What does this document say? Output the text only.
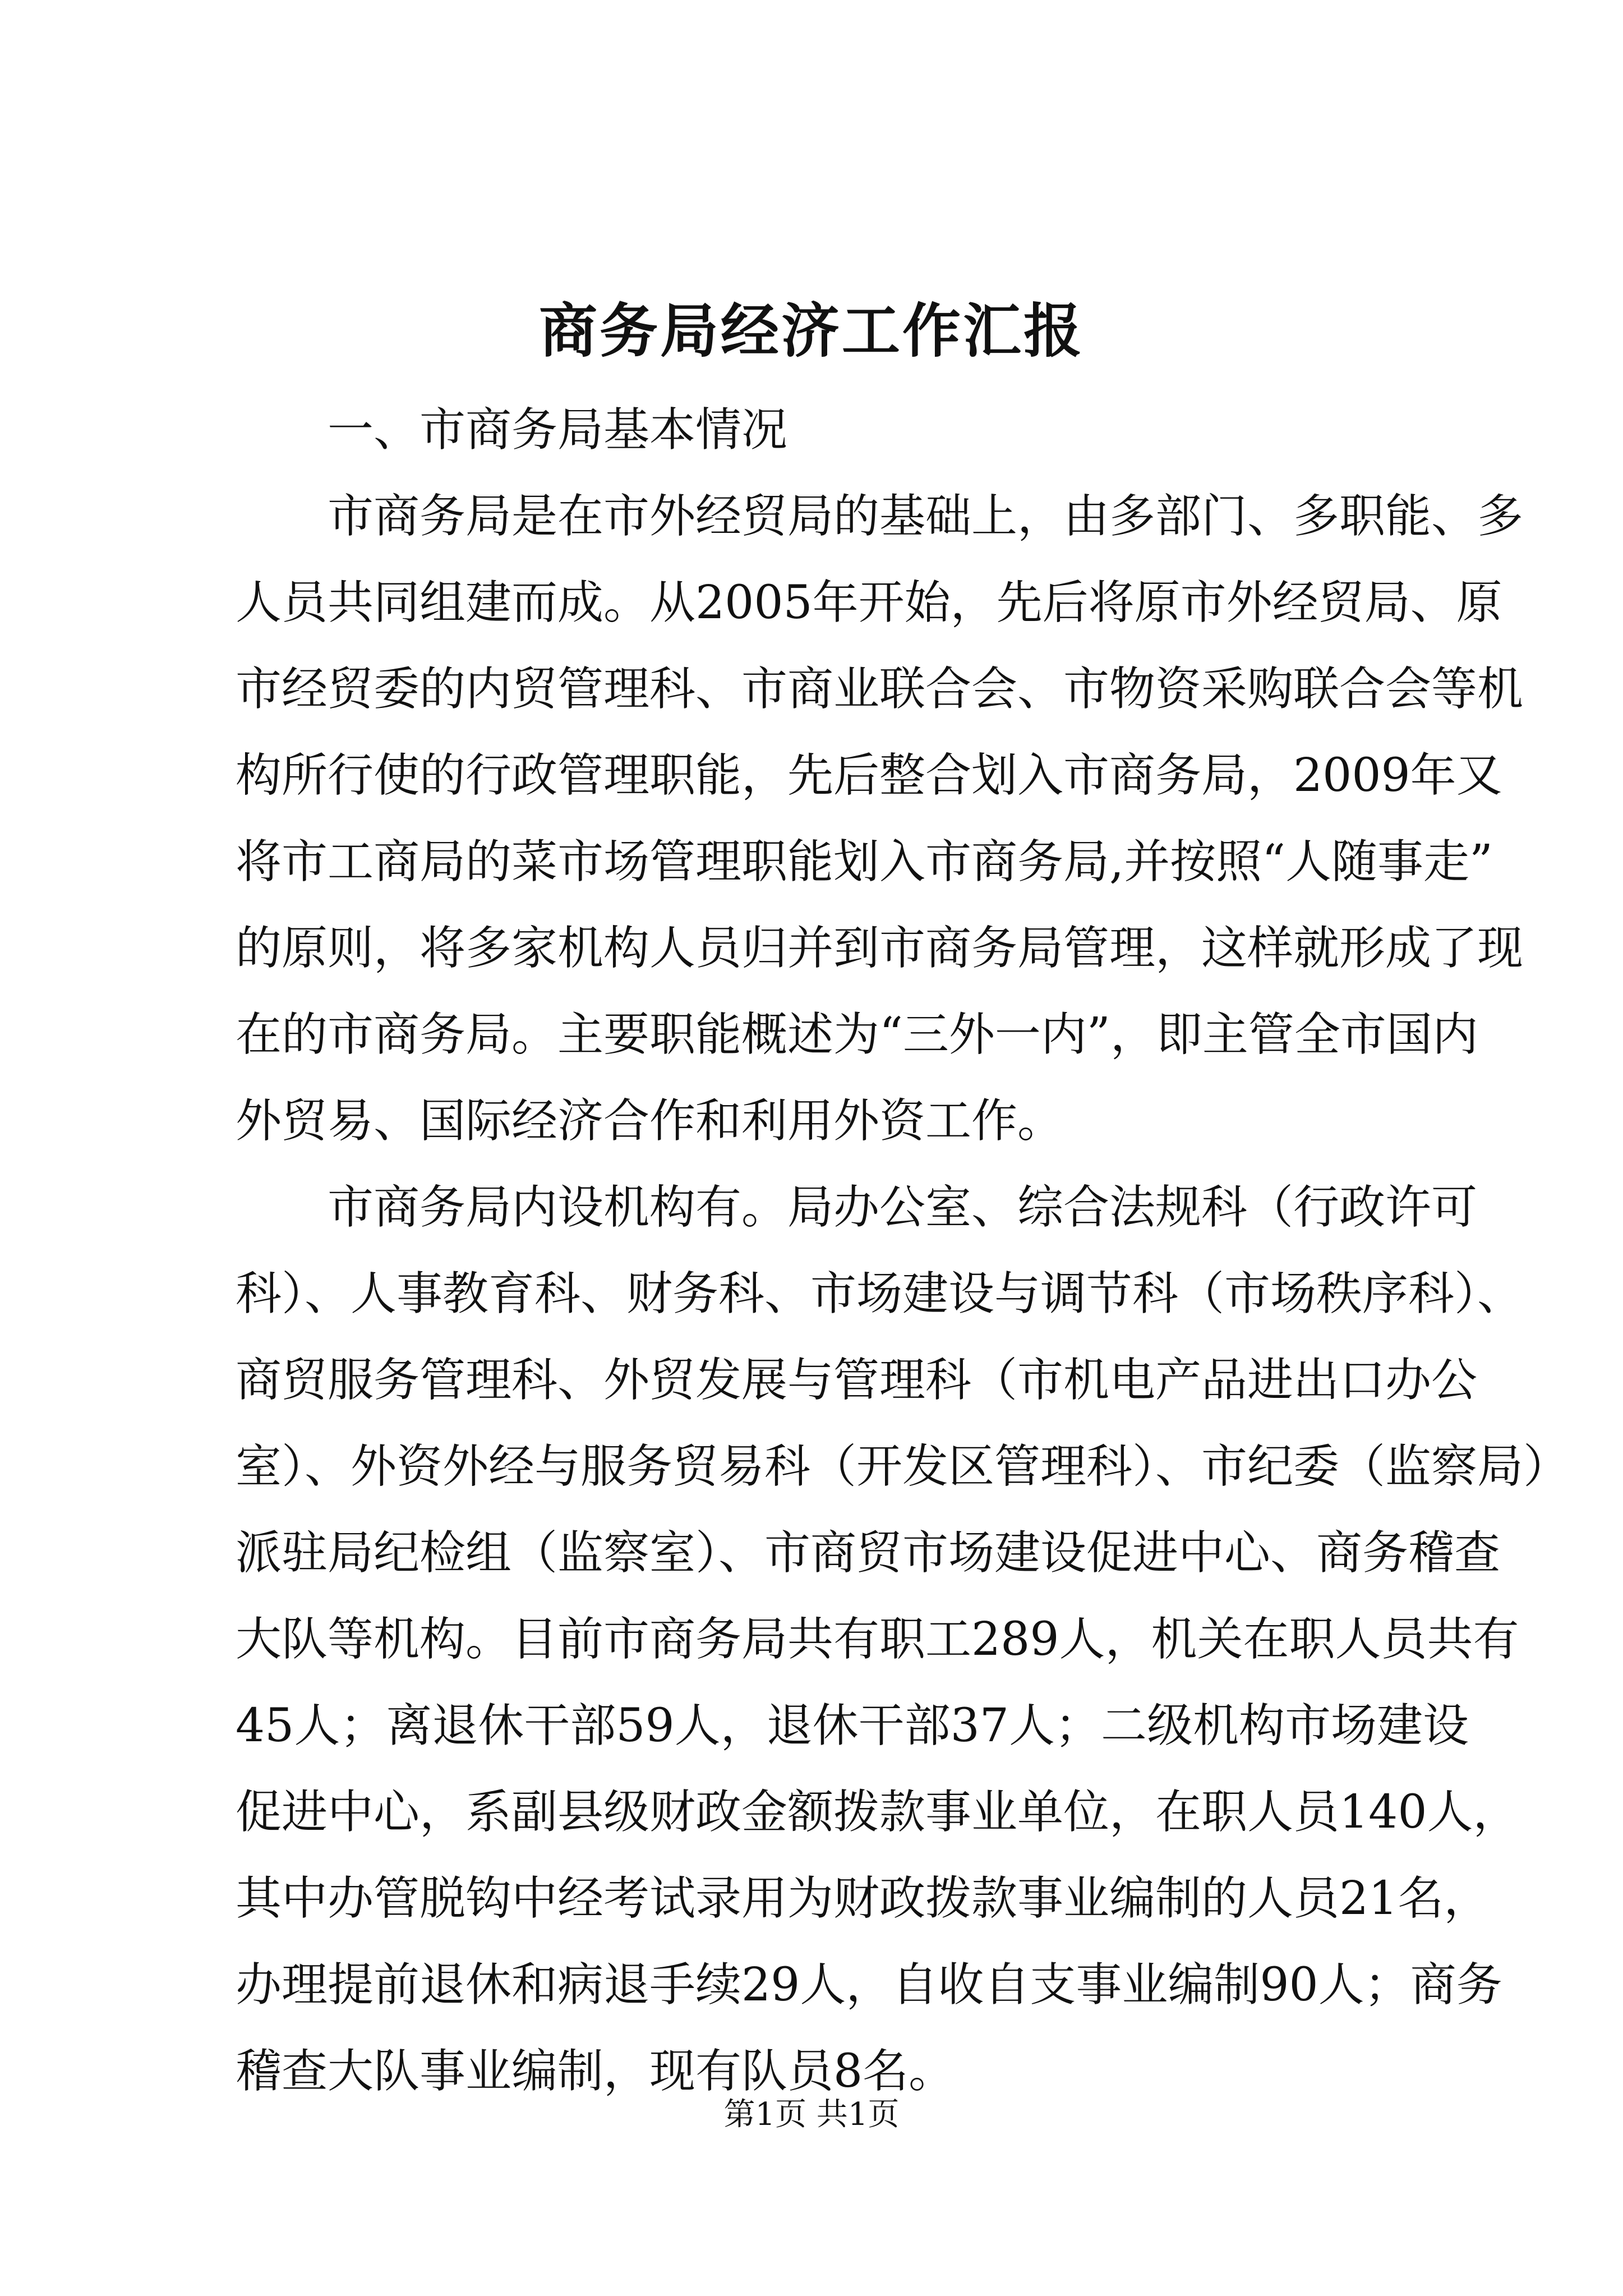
商务局经济工作汇报

　　一、市商务局基本情况

　　市商务局是在市外经贸局的基础上，由多部门、多职能、多

人员共同组建而成。从2005年开始，先后将原市外经贸局、原

市经贸委的内贸管理科、市商业联合会、市物资采购联合会等机

构所行使的行政管理职能，先后整合划入市商务局，2009年又

将市工商局的菜市场管理职能划入市商务局,并按照“人随事走”

的原则，将多家机构人员归并到市商务局管理，这样就形成了现

在的市商务局。主要职能概述为“三外一内”，即主管全市国内

外贸易、国际经济合作和利用外资工作。

　　市商务局内设机构有。局办公室、综合法规科（行政许可

科）、人事教育科、财务科、市场建设与调节科（市场秩序科）、

商贸服务管理科、外贸发展与管理科（市机电产品进出口办公

室）、外资外经与服务贸易科（开发区管理科）、市纪委（监察局）

派驻局纪检组（监察室）、市商贸市场建设促进中心、商务稽查

大队等机构。目前市商务局共有职工289人，机关在职人员共有

45人；离退休干部59人，退休干部37人；二级机构市场建设

促进中心，系副县级财政金额拨款事业单位，在职人员140人，

其中办管脱钩中经考试录用为财政拨款事业编制的人员21名，

办理提前退休和病退手续29人，自收自支事业编制90人；商务

稽查大队事业编制，现有队员8名。

第1页 共1页
